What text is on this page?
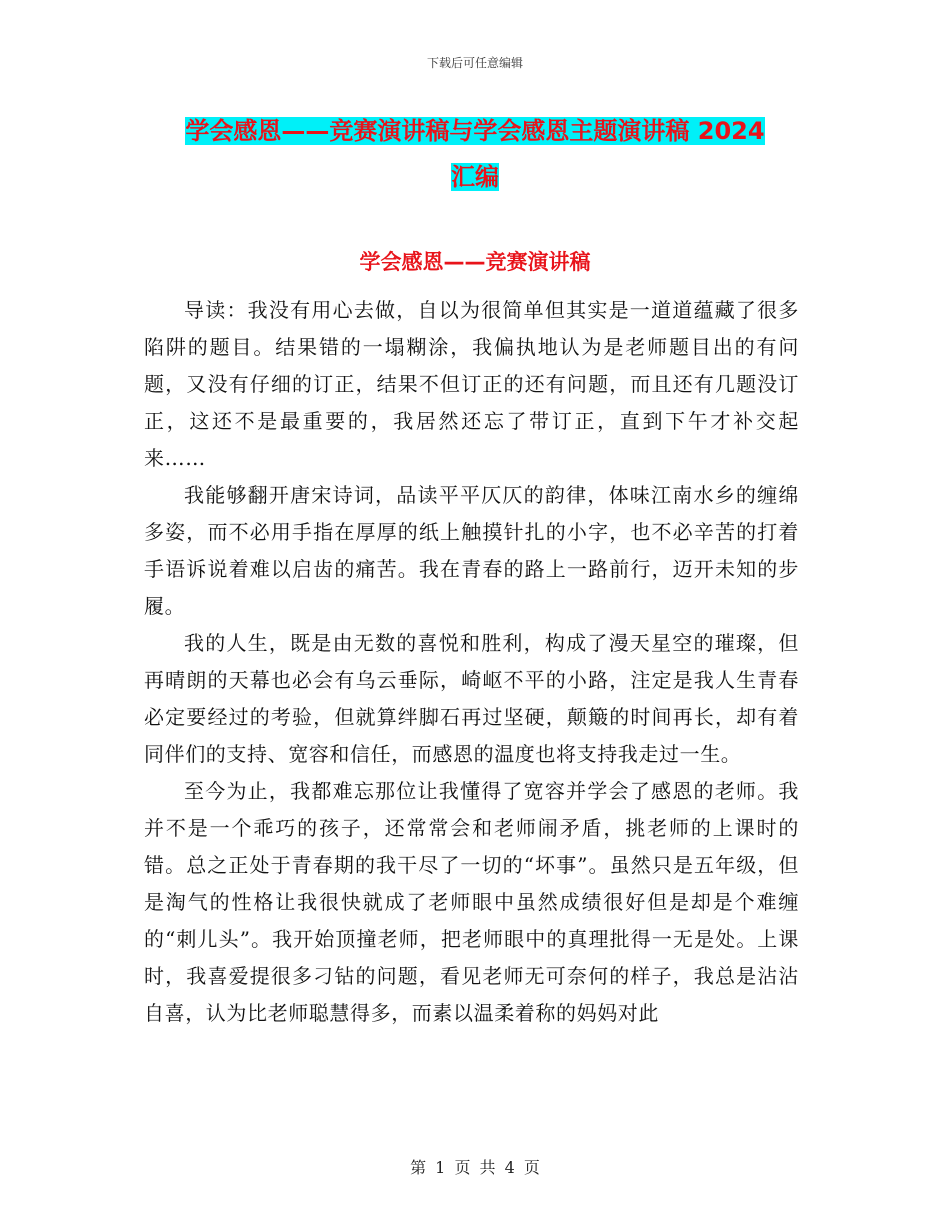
下载后可任意编辑
学会感恩——竞赛演讲稿与学会感恩主题演讲稿 2024
汇编
学会感恩——竞赛演讲稿

导读：我没有用心去做，自以为很简单但其实是一道道蕴藏了很多陷阱的题目。结果错的一塌糊涂，我偏执地认为是老师题目出的有问题，又没有仔细的订正，结果不但订正的还有问题，而且还有几题没订正，这还不是最重要的，我居然还忘了带订正，直到下午才补交起来……

我能够翻开唐宋诗词，品读平平仄仄的韵律，体味江南水乡的缠绵多姿，而不必用手指在厚厚的纸上触摸针扎的小字，也不必辛苦的打着手语诉说着难以启齿的痛苦。我在青春的路上一路前行，迈开未知的步履。

我的人生，既是由无数的喜悦和胜利，构成了漫天星空的璀璨，但再晴朗的天幕也必会有乌云垂际，崎岖不平的小路，注定是我人生青春必定要经过的考验，但就算绊脚石再过坚硬，颠簸的时间再长，却有着同伴们的支持、宽容和信任，而感恩的温度也将支持我走过一生。

至今为止，我都难忘那位让我懂得了宽容并学会了感恩的老师。我并不是一个乖巧的孩子，还常常会和老师闹矛盾，挑老师的上课时的错。总之正处于青春期的我干尽了一切的“坏事”。虽然只是五年级，但是淘气的性格让我很快就成了老师眼中虽然成绩很好但是却是个难缠的“刺儿头”。我开始顶撞老师，把老师眼中的真理批得一无是处。上课时，我喜爱提很多刁钻的问题，看见老师无可奈何的样子，我总是沾沾自喜，认为比老师聪慧得多，而素以温柔着称的妈妈对此

第 1 页 共 4 页
